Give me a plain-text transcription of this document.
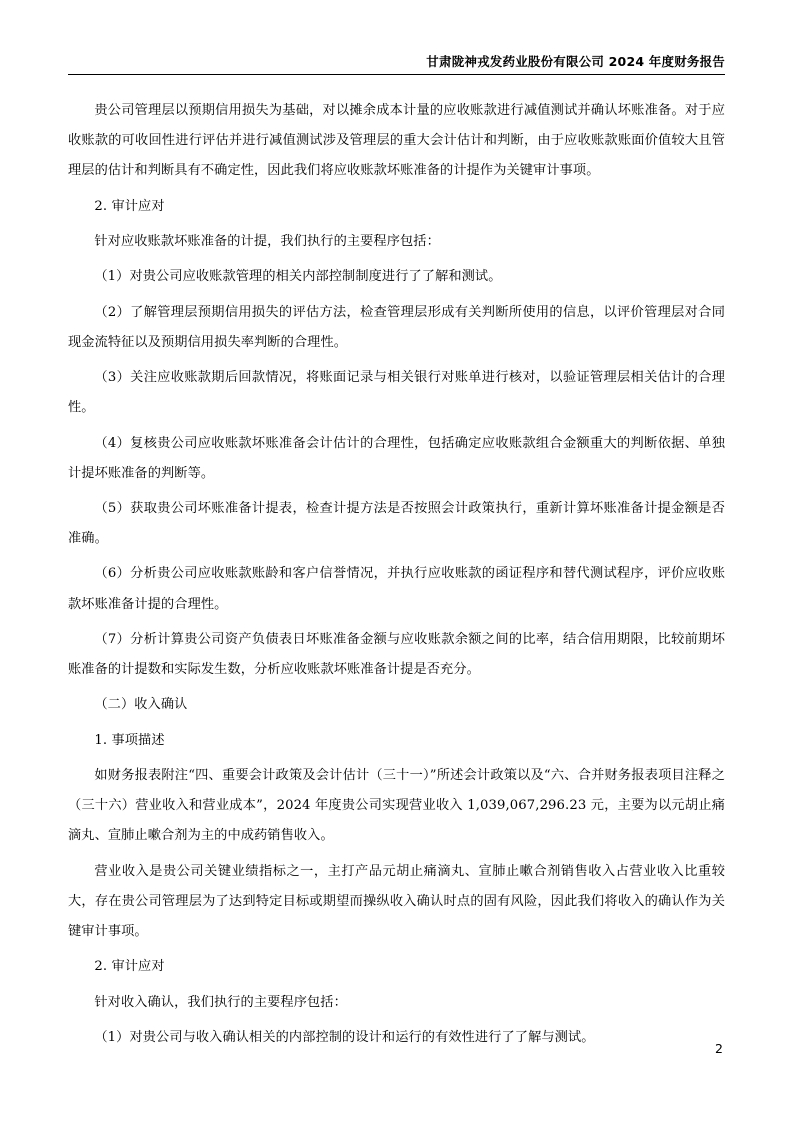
甘肃陇神戎发药业股份有限公司 2024 年度财务报告

贵公司管理层以预期信用损失为基础，对以摊余成本计量的应收账款进行减值测试并确认坏账准备。对于应收账款的可收回性进行评估并进行减值测试涉及管理层的重大会计估计和判断，由于应收账款账面价值较大且管理层的估计和判断具有不确定性，因此我们将应收账款坏账准备的计提作为关键审计事项。

2. 审计应对

针对应收账款坏账准备的计提，我们执行的主要程序包括：

（1）对贵公司应收账款管理的相关内部控制制度进行了了解和测试。

（2）了解管理层预期信用损失的评估方法，检查管理层形成有关判断所使用的信息，以评价管理层对合同现金流特征以及预期信用损失率判断的合理性。

（3）关注应收账款期后回款情况，将账面记录与相关银行对账单进行核对，以验证管理层相关估计的合理性。

（4）复核贵公司应收账款坏账准备会计估计的合理性，包括确定应收账款组合金额重大的判断依据、单独计提坏账准备的判断等。

（5）获取贵公司坏账准备计提表，检查计提方法是否按照会计政策执行，重新计算坏账准备计提金额是否准确。

（6）分析贵公司应收账款账龄和客户信誉情况，并执行应收账款的函证程序和替代测试程序，评价应收账款坏账准备计提的合理性。

（7）分析计算贵公司资产负债表日坏账准备金额与应收账款余额之间的比率，结合信用期限，比较前期坏账准备的计提数和实际发生数，分析应收账款坏账准备计提是否充分。

（二）收入确认

1. 事项描述

如财务报表附注“四、重要会计政策及会计估计（三十一）”所述会计政策以及“六、合并财务报表项目注释之（三十六）营业收入和营业成本”，2024 年度贵公司实现营业收入 1,039,067,296.23 元，主要为以元胡止痛滴丸、宣肺止嗽合剂为主的中成药销售收入。

营业收入是贵公司关键业绩指标之一，主打产品元胡止痛滴丸、宣肺止嗽合剂销售收入占营业收入比重较大，存在贵公司管理层为了达到特定目标或期望而操纵收入确认时点的固有风险，因此我们将收入的确认作为关键审计事项。

2. 审计应对

针对收入确认，我们执行的主要程序包括：

（1）对贵公司与收入确认相关的内部控制的设计和运行的有效性进行了了解与测试。

2
